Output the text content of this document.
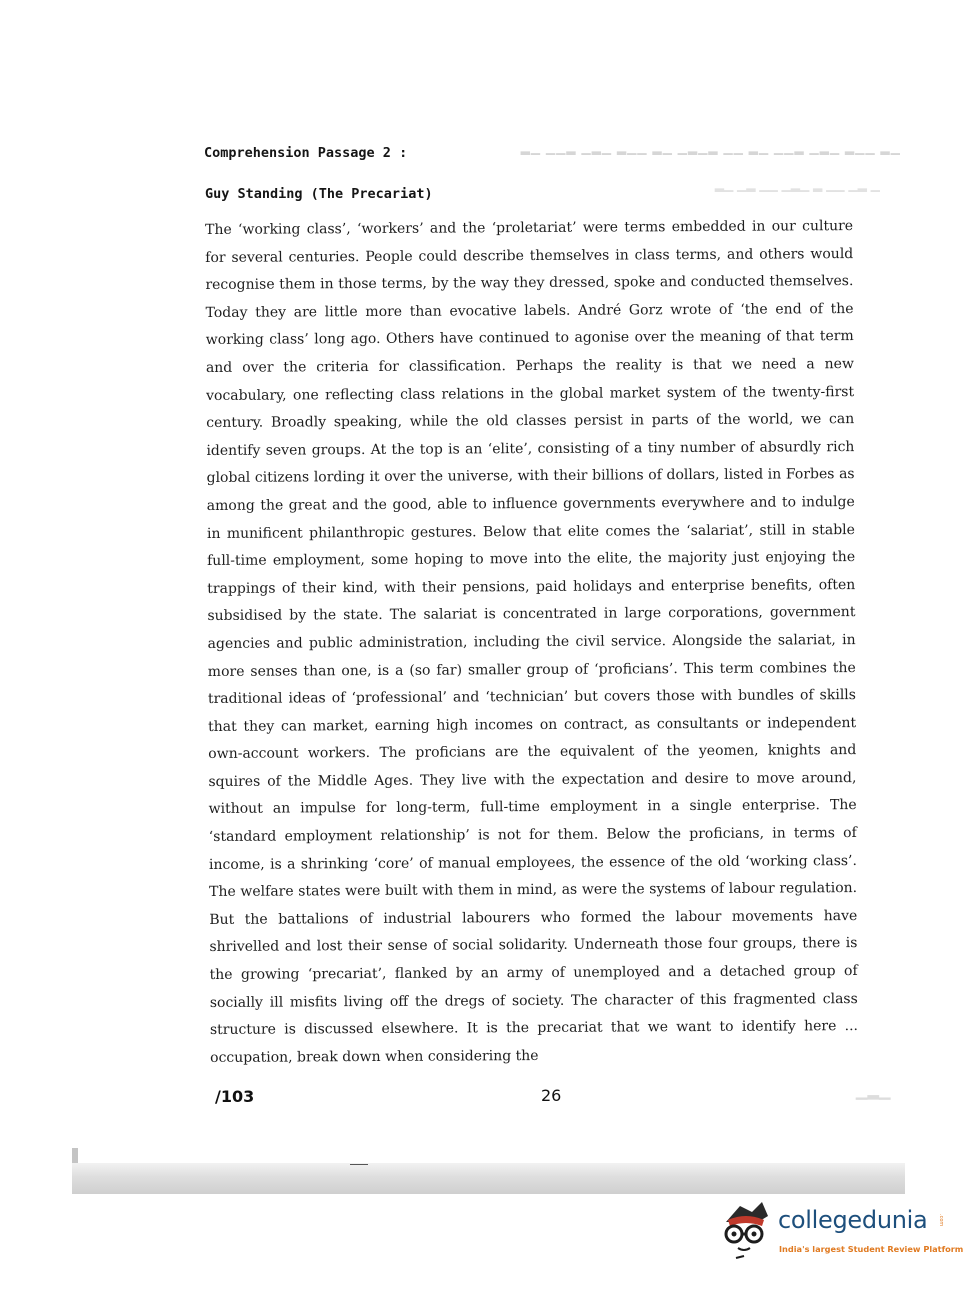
▁▂ ▁▁▂ ▁▂▁ ▂▁▁ ▁▂ ▁▁ ▂▁▂▁ ▁▂ ▁▁▂ ▁▂▁ ▂▁▁ ▁▂
▁ ▂▁ ▁▁ ▂ ▁▂▁ ▁▁ ▂▁ ▁▂
Comprehension Passage 2 :
Guy Standing (The Precariat)
The ‘working class’, ‘workers’ and the ‘proletariat’ were terms embedded in our culture for several centuries. People could describe themselves in class terms, and others would recognise them in those terms, by the way they dressed, spoke and conducted themselves. Today they are little more than evocative labels. André Gorz wrote of ‘the end of the working class’ long ago. Others have continued to agonise over the meaning of that term and over the criteria for classification. Perhaps the reality is that we need a new vocabulary, one reflecting class relations in the global market system of the twenty-first century. Broadly speaking, while the old classes persist in parts of the world, we can identify seven groups. At the top is an ‘elite’, consisting of a tiny number of absurdly rich global citizens lording it over the universe, with their billions of dollars, listed in Forbes as among the great and the good, able to influence governments everywhere and to indulge in munificent philanthropic gestures. Below that elite comes the ‘salariat’, still in stable full-time employment, some hoping to move into the elite, the majority just enjoying the trappings of their kind, with their pensions, paid holidays and enterprise benefits, often subsidised by the state. The salariat is concentrated in large corporations, government agencies and public administration, including the civil service. Alongside the salariat, in more senses than one, is a (so far) smaller group of ‘proficians’. This term combines the traditional ideas of ‘professional’ and ‘technician’ but covers those with bundles of skills that they can market, earning high incomes on contract, as consultants or independent own-account workers. The proficians are the equivalent of the yeomen, knights and squires of the Middle Ages. They live with the expectation and desire to move around, without an impulse for long-term, full-time employment in a single enterprise. The ‘standard employment relationship’ is not for them. Below the proficians, in terms of income, is a shrinking ‘core’ of manual employees, the essence of the old ‘working class’. The welfare states were built with them in mind, as were the systems of labour regulation. But the battalions of industrial labourers who formed the labour movements have shrivelled and lost their sense of social solidarity. Underneath those four groups, there is the growing ‘precariat’, flanked by an army of unemployed and a detached group of socially ill misfits living off the dregs of society. The character of this fragmented class structure is discussed elsewhere. It is the precariat that we want to identify here ... occupation, break down when considering the
/103	26	▁▂▁
collegedunia .com
India's largest Student Review Platform
